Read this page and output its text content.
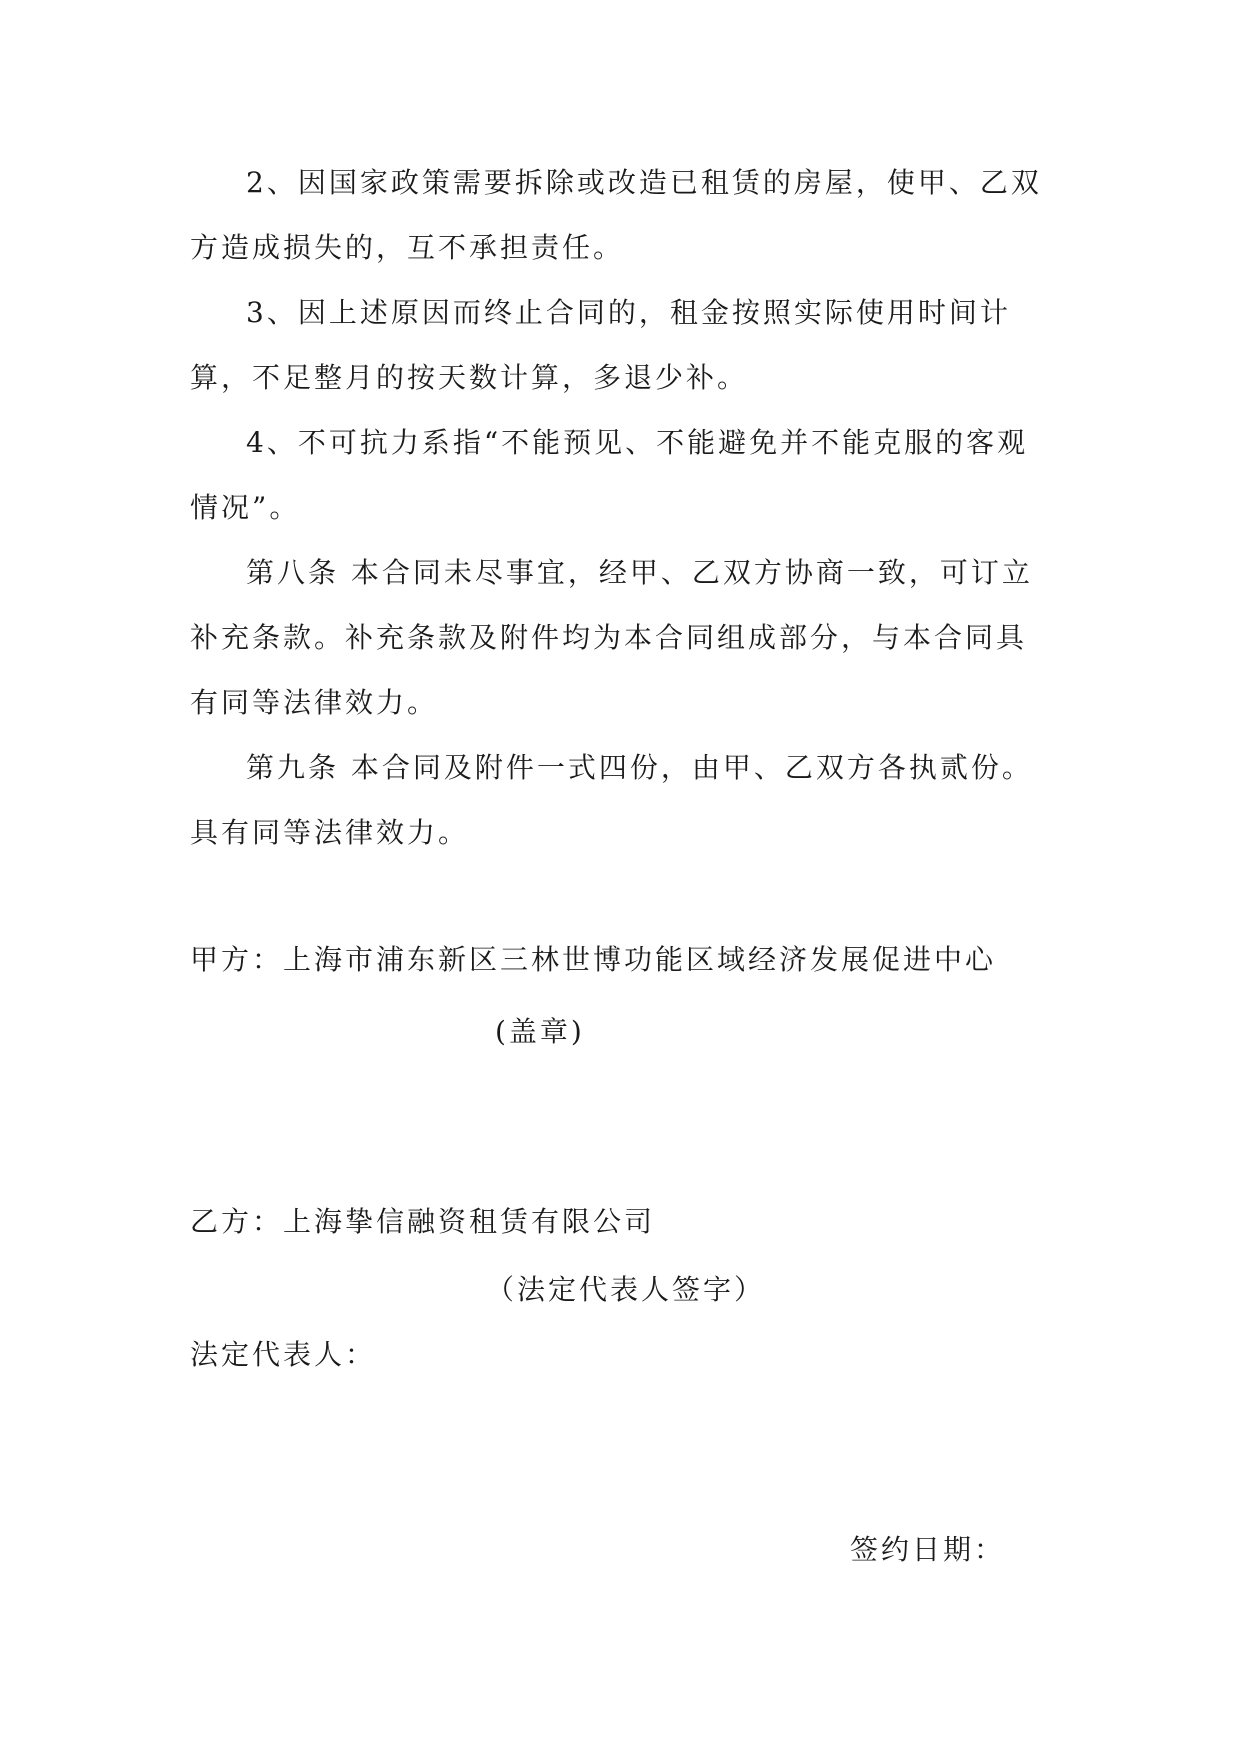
2、因国家政策需要拆除或改造已租赁的房屋，使甲、乙双方造成损失的，互不承担责任。

3、因上述原因而终止合同的，租金按照实际使用时间计算，不足整月的按天数计算，多退少补。

4、不可抗力系指“不能预见、不能避免并不能克服的客观情况”。

第八条 本合同未尽事宜，经甲、乙双方协商一致，可订立补充条款。补充条款及附件均为本合同组成部分，与本合同具有同等法律效力。

第九条 本合同及附件一式四份，由甲、乙双方各执贰份。具有同等法律效力。

甲方：上海市浦东新区三林世博功能区域经济发展促进中心

(盖章)

乙方：上海挚信融资租赁有限公司

（法定代表人签字）

法定代表人：

签约日期：
